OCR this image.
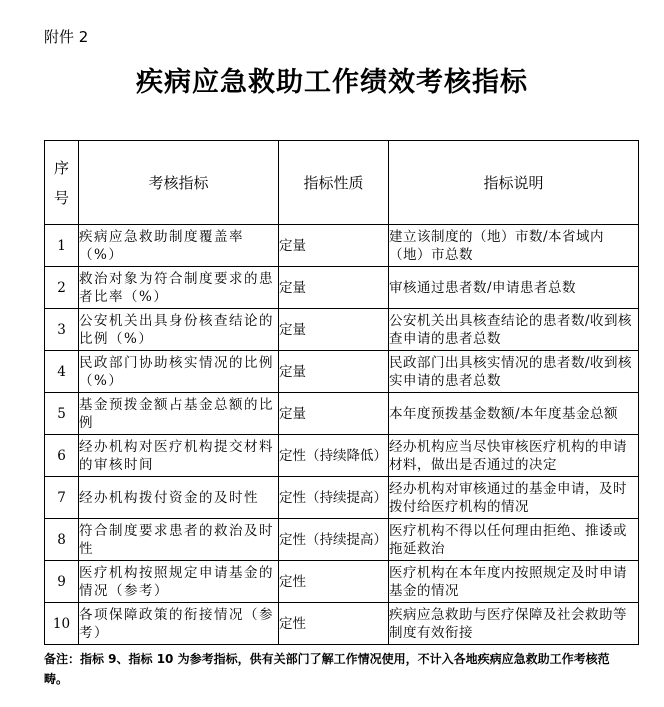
附件 2
疾病应急救助工作绩效考核指标
序
号	考核指标	指标性质	指标说明
1	疾病应急救助制度覆盖率（%）	定量	建立该制度的（地）市数/本省域内（地）市总数
2	救治对象为符合制度要求的患者比率（%）	定量	审核通过患者数/申请患者总数
3	公安机关出具身份核查结论的比例（%）	定量	公安机关出具核查结论的患者数/收到核查申请的患者总数
4	民政部门协助核实情况的比例（%）	定量	民政部门出具核实情况的患者数/收到核实申请的患者总数
5	基金预拨金额占基金总额的比例	定量	本年度预拨基金数额/本年度基金总额
6	经办机构对医疗机构提交材料的审核时间	定性（持续降低）	经办机构应当尽快审核医疗机构的申请材料，做出是否通过的决定
7	经办机构拨付资金的及时性	定性（持续提高）	经办机构对审核通过的基金申请，及时拨付给医疗机构的情况
8	符合制度要求患者的救治及时性	定性（持续提高）	医疗机构不得以任何理由拒绝、推诿或拖延救治
9	医疗机构按照规定申请基金的情况（参考）	定性	医疗机构在本年度内按照规定及时申请基金的情况
10	各项保障政策的衔接情况（参考）	定性	疾病应急救助与医疗保障及社会救助等制度有效衔接
备注：指标 9、指标 10 为参考指标，供有关部门了解工作情况使用，不计入各地疾病应急救助工作考核范畴。
